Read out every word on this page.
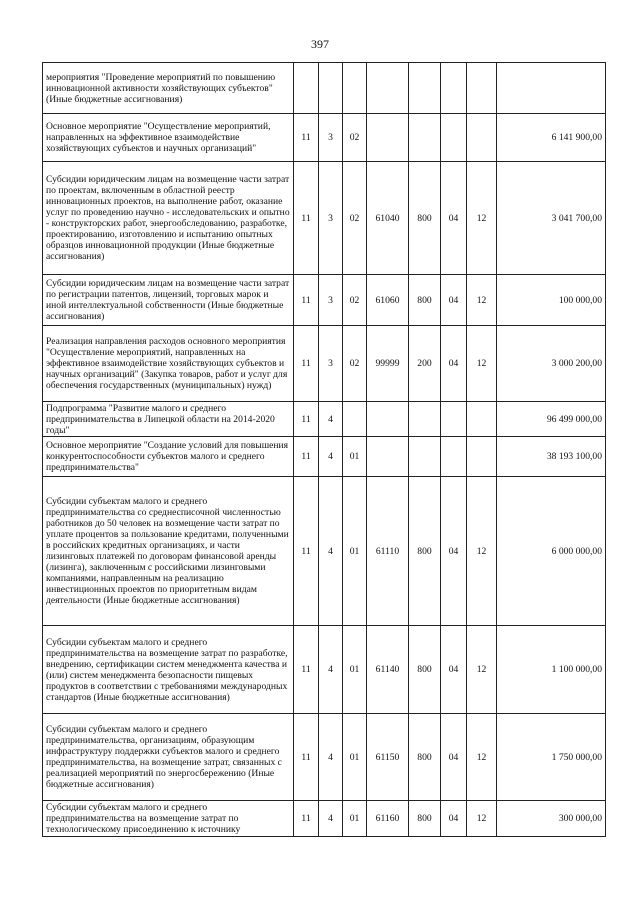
397
мероприятия "Проведение мероприятий по повышению инновационной активности хозяйствующих субъектов" (Иные бюджетные ассигнования)								
Основное мероприятие "Осуществление мероприятий, направленных на эффективное взаимодействие хозяйствующих субъектов и научных организаций"	11	3	02					6 141 900,00
Субсидии юридическим лицам на возмещение части затрат по проектам, включенным в областной реестр инновационных проектов, на выполнение работ, оказание услуг по проведению научно - исследовательских и опытно - конструкторских работ, энергообследованию, разработке, проектированию, изготовлению и испытанию опытных образцов инновационной продукции (Иные бюджетные ассигнования)	11	3	02	61040	800	04	12	3 041 700,00
Субсидии юридическим лицам на возмещение части затрат по регистрации патентов, лицензий, торговых марок и иной интеллектуальной собственности (Иные бюджетные ассигнования)	11	3	02	61060	800	04	12	100 000,00
Реализация направления расходов основного мероприятия "Осуществление мероприятий, направленных на эффективное взаимодействие хозяйствующих субъектов и научных организаций" (Закупка товаров, работ и услуг для обеспечения государственных (муниципальных) нужд)	11	3	02	99999	200	04	12	3 000 200,00
Подпрограмма "Развитие малого и среднего предпринимательства в Липецкой области на 2014-2020 годы"	11	4						96 499 000,00
Основное мероприятие "Создание условий для повышения конкурентоспособности субъектов малого и среднего предпринимательства"	11	4	01					38 193 100,00
Субсидии субъектам малого и среднего предпринимательства со среднесписочной численностью работников до 50 человек на возмещение части затрат по уплате процентов за пользование кредитами, полученными в российских кредитных организациях, и части лизинговых платежей по договорам финансовой аренды (лизинга), заключенным с российскими лизинговыми компаниями, направленным на реализацию инвестиционных проектов по приоритетным видам деятельности (Иные бюджетные ассигнования)	11	4	01	61110	800	04	12	6 000 000,00
Субсидии субъектам малого и среднего предпринимательства на возмещение затрат по разработке, внедрению, сертификации систем менеджмента качества и (или) систем менеджмента безопасности пищевых продуктов в соответствии с требованиями международных стандартов (Иные бюджетные ассигнования)	11	4	01	61140	800	04	12	1 100 000,00
Субсидии субъектам малого и среднего предпринимательства, организациям, образующим инфраструктуру поддержки субъектов малого и среднего предпринимательства, на возмещение затрат, связанных с реализацией мероприятий по энергосбережению (Иные бюджетные ассигнования)	11	4	01	61150	800	04	12	1 750 000,00
Субсидии субъектам малого и среднего предпринимательства на возмещение затрат по технологическому присоединению к источнику	11	4	01	61160	800	04	12	300 000,00
